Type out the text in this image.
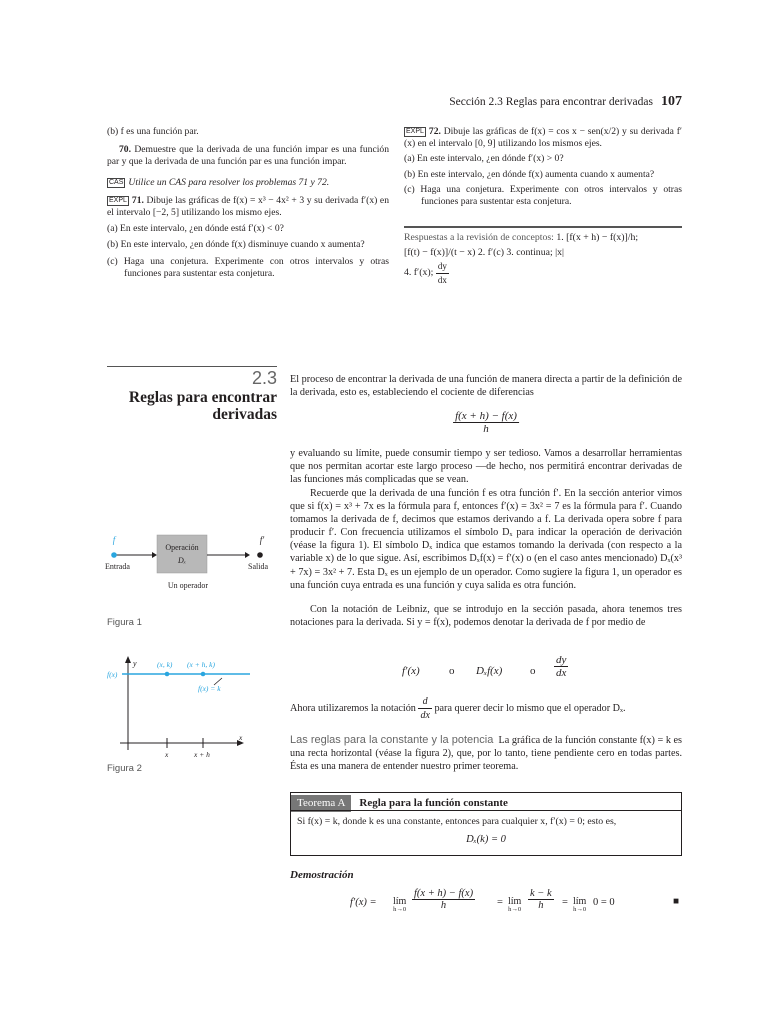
Sección 2.3 Reglas para encontrar derivadas 107
(b) f es una función par.
70. Demuestre que la derivada de una función impar es una función par y que la derivada de una función par es una función impar.
CAS Utilice un CAS para resolver los problemas 71 y 72.
EXPL 71. Dibuje las gráficas de f(x) = x³ − 4x² + 3 y su derivada f′(x) en el intervalo [−2, 5] utilizando los mismo ejes.
(a) En este intervalo, ¿en dónde está f′(x) < 0?
(b) En este intervalo, ¿en dónde f(x) disminuye cuando x aumenta?
(c) Haga una conjetura. Experimente con otros intervalos y otras funciones para sustentar esta conjetura.
EXPL 72. Dibuje las gráficas de f(x) = cos x − sen(x/2) y su derivada f′(x) en el intervalo [0, 9] utilizando los mismos ejes.
(a) En este intervalo, ¿en dónde f′(x) > 0?
(b) En este intervalo, ¿en dónde f(x) aumenta cuando x aumenta?
(c) Haga una conjetura. Experimente con otros intervalos y otras funciones para sustentar esta conjetura.
Respuestas a la revisión de conceptos: 1. [f(x + h) − f(x)]/h;
[f(t) − f(x)]/(t − x) 2. f′(c) 3. continua; |x|
4. f′(x); $\frac{dy}{dx}$
2.3
Reglas para encontrar
derivadas
El proceso de encontrar la derivada de una función de manera directa a partir de la definición de la derivada, esto es, estableciendo el cociente de diferencias
$\frac{f(x + h) - f(x)}{h}$
y evaluando su límite, puede consumir tiempo y ser tedioso. Vamos a desarrollar herramientas que nos permitan acortar este largo proceso —de hecho, nos permitirá encontrar derivadas de las funciones más complicadas que se vean.
Recuerde que la derivada de una función f es otra función f′. En la sección anterior vimos que si f(x) = x³ + 7x es la fórmula para f, entonces f′(x) = 3x² = 7 es la fórmula para f′. Cuando tomamos la derivada de f, decimos que estamos derivando a f. La derivada opera sobre f para producir f′. Con frecuencia utilizamos el símbolo Dₓ para indicar la operación de derivación (véase la figura 1). El símbolo Dₓ indica que estamos tomando la derivada (con respecto a la variable x) de lo que sigue. Así, escribimos Dₓf(x) = f′(x) o (en el caso antes mencionado) Dₓ(x³ + 7x) = 3x² + 7. Esta Dₓ es un ejemplo de un operador. Como sugiere la figura 1, un operador es una función cuya entrada es una función y cuya salida es otra función.
Con la notación de Leibniz, que se introdujo en la sección pasada, ahora tenemos tres notaciones para la derivada. Si y = f(x), podemos denotar la derivada de f por medio de
f′(x)	o Dₓf(x)	o $\frac{dy}{dx}$
Ahora utilizaremos la notación $\frac{d}{dx}$ para querer decir lo mismo que el operador Dₓ.
Las reglas para la constante y la potencia La gráfica de la función constante f(x) = k es una recta horizontal (véase la figura 2), que, por lo tanto, tiene pendiente cero en todas partes. Ésta es una manera de entender nuestro primer teorema.
f
Entrada
Operación
Dₓ
f′
Salida
Un operador
Figura 1
y
f(x)
(x, k) (x + h, k)
f(x) = k
x	x + h
x
Figura 2
Teorema A Regla para la función constante
Si f(x) = k, donde k es una constante, entonces para cualquier x, f′(x) = 0; esto es,
Dₓ(k) = 0
Demostración
f′(x) = lím
$h\to 0 \frac{f(x + h) - f(x)}{h}$ = lím
$h\to 0 \frac{k - k}{h}$ = lím
h→0
0 = 0	■
